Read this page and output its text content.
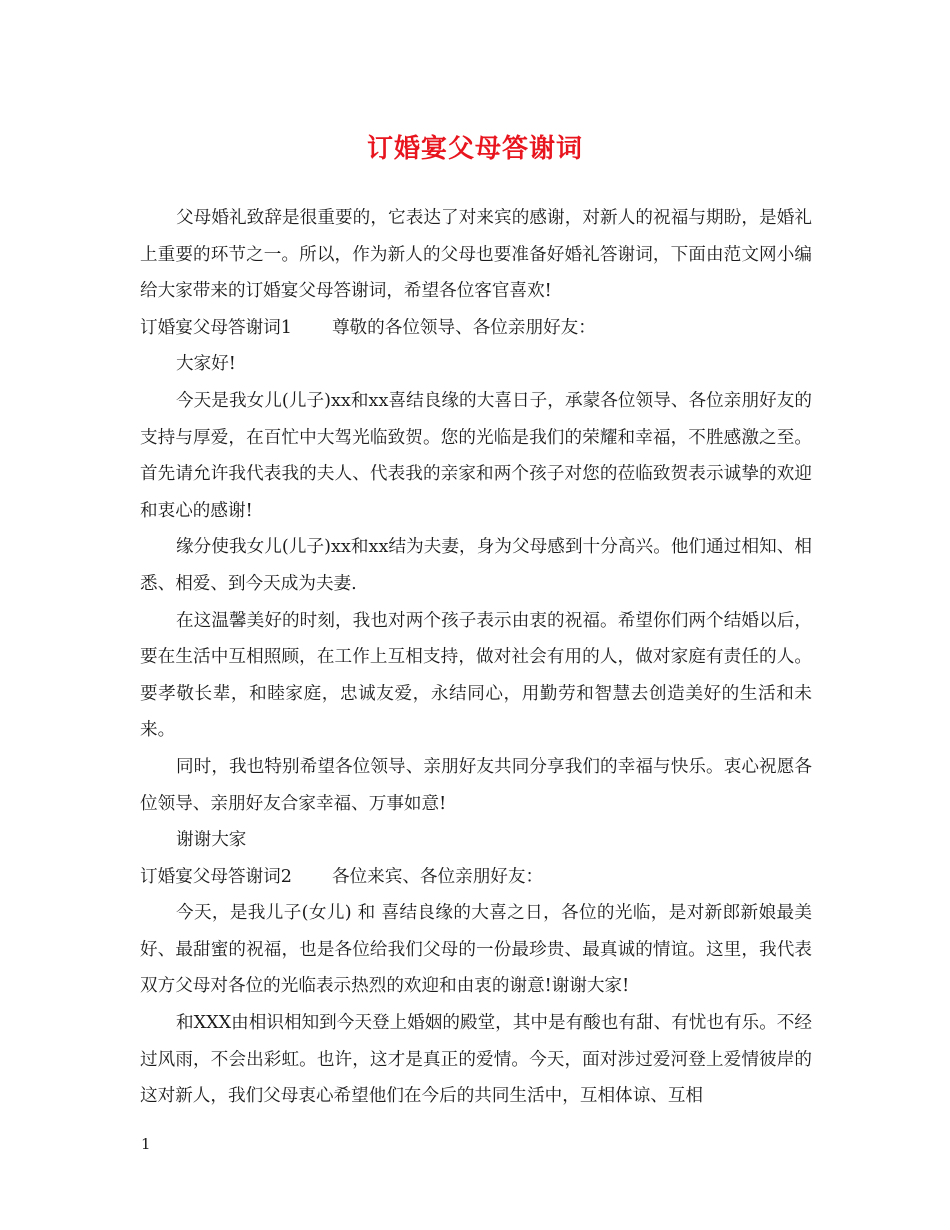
订婚宴父母答谢词

父母婚礼致辞是很重要的，它表达了对来宾的感谢，对新人的祝福与期盼，是婚礼上重要的环节之一。所以，作为新人的父母也要准备好婚礼答谢词，下面由范文网小编给大家带来的订婚宴父母答谢词，希望各位客官喜欢!

订婚宴父母答谢词1 尊敬的各位领导、各位亲朋好友：

大家好!

今天是我女儿(儿子)xx和xx喜结良缘的大喜日子，承蒙各位领导、各位亲朋好友的支持与厚爱，在百忙中大驾光临致贺。您的光临是我们的荣耀和幸福，不胜感激之至。首先请允许我代表我的夫人、代表我的亲家和两个孩子对您的莅临致贺表示诚挚的欢迎和衷心的感谢!

缘分使我女儿(儿子)xx和xx结为夫妻，身为父母感到十分高兴。他们通过相知、相悉、相爱、到今天成为夫妻.

在这温馨美好的时刻，我也对两个孩子表示由衷的祝福。希望你们两个结婚以后，要在生活中互相照顾，在工作上互相支持，做对社会有用的人，做对家庭有责任的人。要孝敬长辈，和睦家庭，忠诚友爱，永结同心，用勤劳和智慧去创造美好的生活和未来。

同时，我也特别希望各位领导、亲朋好友共同分享我们的幸福与快乐。衷心祝愿各位领导、亲朋好友合家幸福、万事如意!

谢谢大家

订婚宴父母答谢词2 各位来宾、各位亲朋好友：

今天，是我儿子(女儿) 和 喜结良缘的大喜之日，各位的光临，是对新郎新娘最美好、最甜蜜的祝福，也是各位给我们父母的一份最珍贵、最真诚的情谊。这里，我代表双方父母对各位的光临表示热烈的欢迎和由衷的谢意!谢谢大家!

和XXX由相识相知到今天登上婚姻的殿堂，其中是有酸也有甜、有忧也有乐。不经过风雨，不会出彩虹。也许，这才是真正的爱情。今天，面对涉过爱河登上爱情彼岸的这对新人，我们父母衷心希望他们在今后的共同生活中，互相体谅、互相

1
